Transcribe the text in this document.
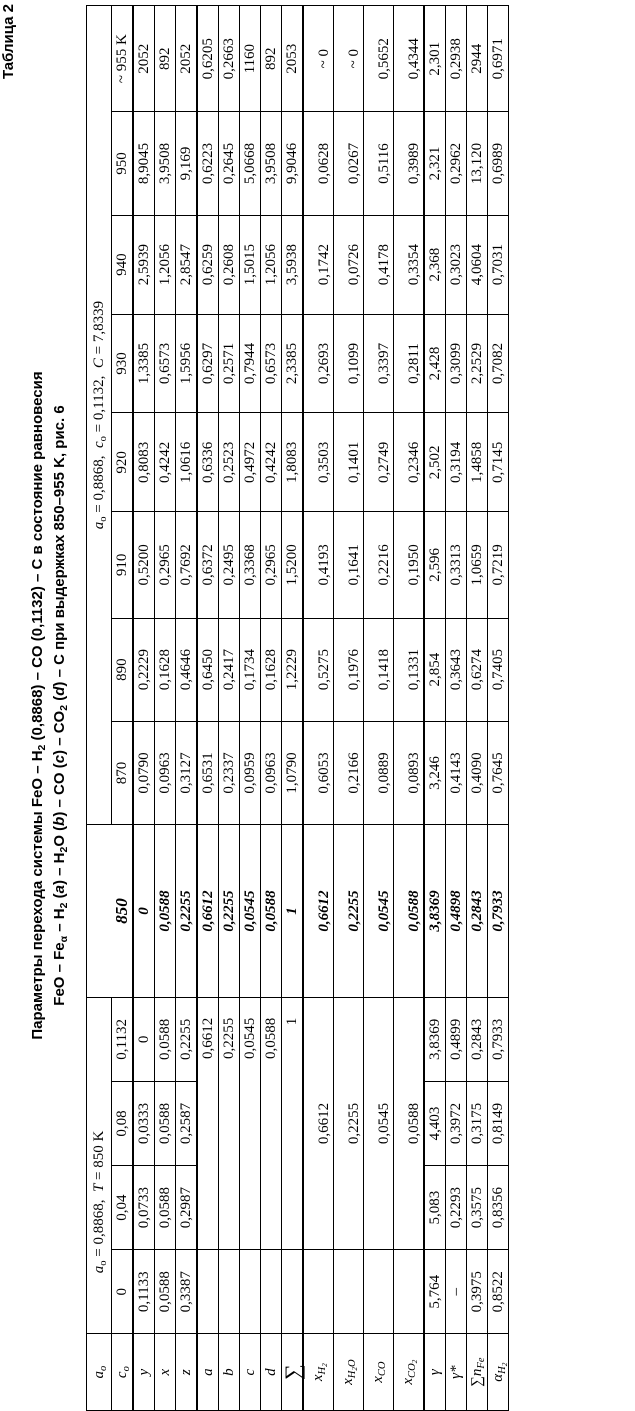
Таблица 2
Параметры перехода системы FeO – $H_2$ (0,8868) – CO (0,1132) – C в состояние равновесия
FeO – $Fe_\alpha - H_2$ $(a) - H_2O$ (b) – CO $(c) - CO_2$ (d) – C при выдержках 850–955 K, рис. 6
$a_о$	$a_о = 0,8868$,  T = 850 K					$a_о = 0,8868$,  $c_о = 0,1132$,  C = 7,8339							
$c_о$	0	0,04	0,08	0,1132	850	870	890	910	920	930	940	950	~ 955 K
y	0,1133	0,0733	0,0333	0	0	0,0790	0,2229	0,5200	0,8083	1,3385	2,5939	8,9045	2052
x	0,0588	0,0588	0,0588	0,0588	0,0588	0,0963	0,1628	0,2965	0,4242	0,6573	1,2056	3,9508	892
z	0,3387	0,2987	0,2587	0,2255	0,2255	0,3127	0,4646	0,7692	1,0616	1,5956	2,8547	9,169	2052
a		0,6612			0,6612	0,6531	0,6450	0,6372	0,6336	0,6297	0,6259	0,6223	0,6205
b		0,2255			0,2255	0,2337	0,2417	0,2495	0,2523	0,2571	0,2608	0,2645	0,2663
c		0,0545			0,0545	0,0959	0,1734	0,3368	0,4972	0,7944	1,5015	5,0668	1160
d		0,0588			0,0588	0,0963	0,1628	0,2965	0,4242	0,6573	1,2056	3,9508	892
∑		1			1	1,0790	1,2229	1,5200	1,8083	2,3385	3,5938	9,9046	2053
$x_{H_2}$		0,6612			0,6612	0,6053	0,5275	0,4193	0,3503	0,2693	0,1742	0,0628	~ 0
$x_{H_2O}$		0,2255			0,2255	0,2166	0,1976	0,1641	0,1401	0,1099	0,0726	0,0267	~ 0
$x_{CO}$		0,0545			0,0545	0,0889	0,1418	0,2216	0,2749	0,3397	0,4178	0,5116	0,5652
$x_{CO_2}$		0,0588			0,0588	0,0893	0,1331	0,1950	0,2346	0,2811	0,3354	0,3989	0,4344
γ	5,764	5,083	4,403	3,8369	3,8369	3,246	2,854	2,596	2,502	2,428	2,368	2,321	2,301
γ*	–	0,2293	0,3972	0,4899	0,4898	0,4143	0,3643	0,3313	0,3194	0,3099	0,3023	0,2962	0,2938
$\sum n_{Fe}$	0,3975	0,3575	0,3175	0,2843	0,2843	0,4090	0,6274	1,0659	1,4858	2,2529	4,0604	13,120	2944
$\alpha_{H_2}$	0,8522	0,8356	0,8149	0,7933	0,7933	0,7645	0,7405	0,7219	0,7145	0,7082	0,7031	0,6989	0,6971
